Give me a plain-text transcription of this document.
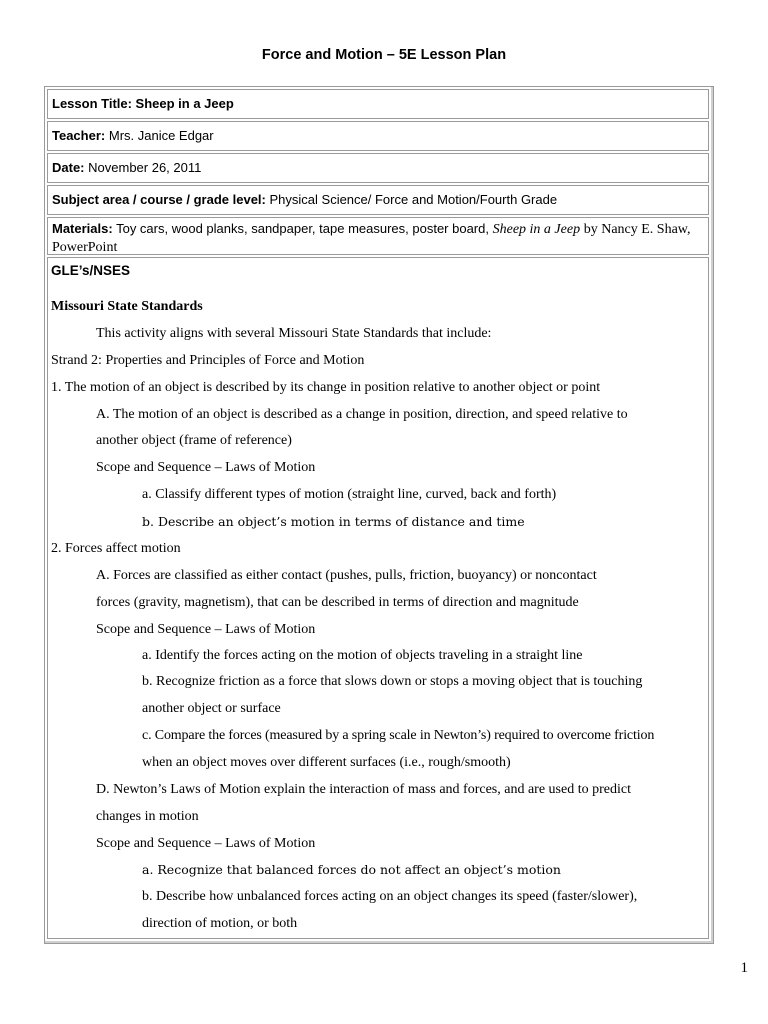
Force and Motion – 5E Lesson Plan
Lesson Title: Sheep in a Jeep
Teacher: Mrs. Janice Edgar
Date: November 26, 2011
Subject area / course / grade level: Physical Science/ Force and Motion/Fourth Grade
Materials: Toy cars, wood planks, sandpaper, tape measures, poster board, Sheep in a Jeep by Nancy E. Shaw,
PowerPoint
GLE’s/NSES
Missouri State Standards
This activity aligns with several Missouri State Standards that include:
Strand 2: Properties and Principles of Force and Motion
1. The motion of an object is described by its change in position relative to another object or point
A. The motion of an object is described as a change in position, direction, and speed relative to
another object (frame of reference)
Scope and Sequence – Laws of Motion
a. Classify different types of motion (straight line, curved, back and forth)
b. Describe an object’s motion in terms of distance and time
2. Forces affect motion
A. Forces are classified as either contact (pushes, pulls, friction, buoyancy) or noncontact
forces (gravity, magnetism), that can be described in terms of direction and magnitude
Scope and Sequence – Laws of Motion
a. Identify the forces acting on the motion of objects traveling in a straight line
b. Recognize friction as a force that slows down or stops a moving object that is touching
another object or surface
c. Compare the forces (measured by a spring scale in Newton’s) required to overcome friction
when an object moves over different surfaces (i.e., rough/smooth)
D. Newton’s Laws of Motion explain the interaction of mass and forces, and are used to predict
changes in motion
Scope and Sequence – Laws of Motion
a. Recognize that balanced forces do not affect an object’s motion
b. Describe how unbalanced forces acting on an object changes its speed (faster/slower),
direction of motion, or both
1
